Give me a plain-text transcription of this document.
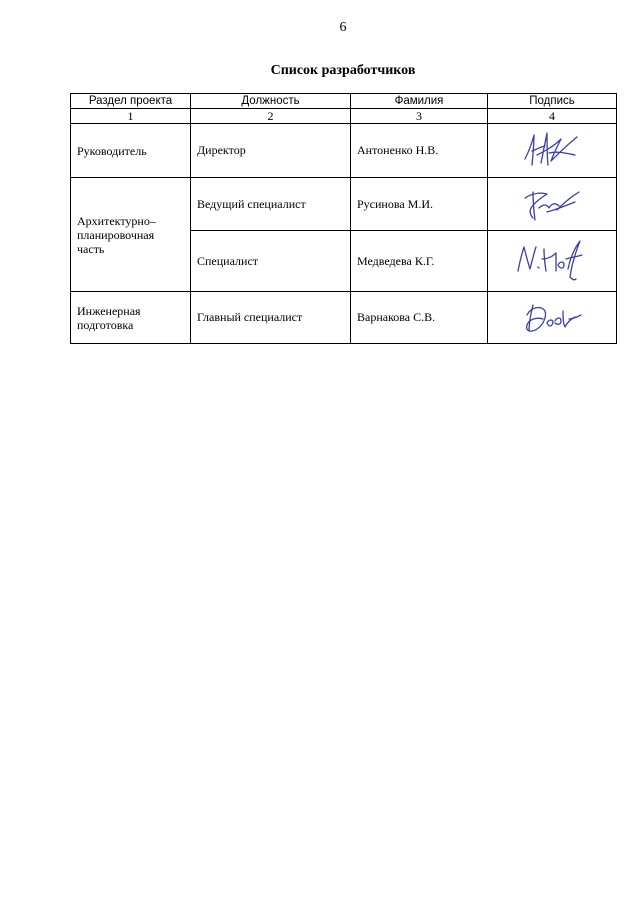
6
Список разработчиков
Раздел проекта	Должность	Фамилия	Подпись
1	2	3	4
Руководитель	Директор	Антоненко Н.В.	

Архитектурно–планировочная часть	Ведущий специалист	Русинова М.И.	

	Специалист	Медведева К.Г.	

Инженерная подготовка	Главный специалист	Варнакова С.В.	
